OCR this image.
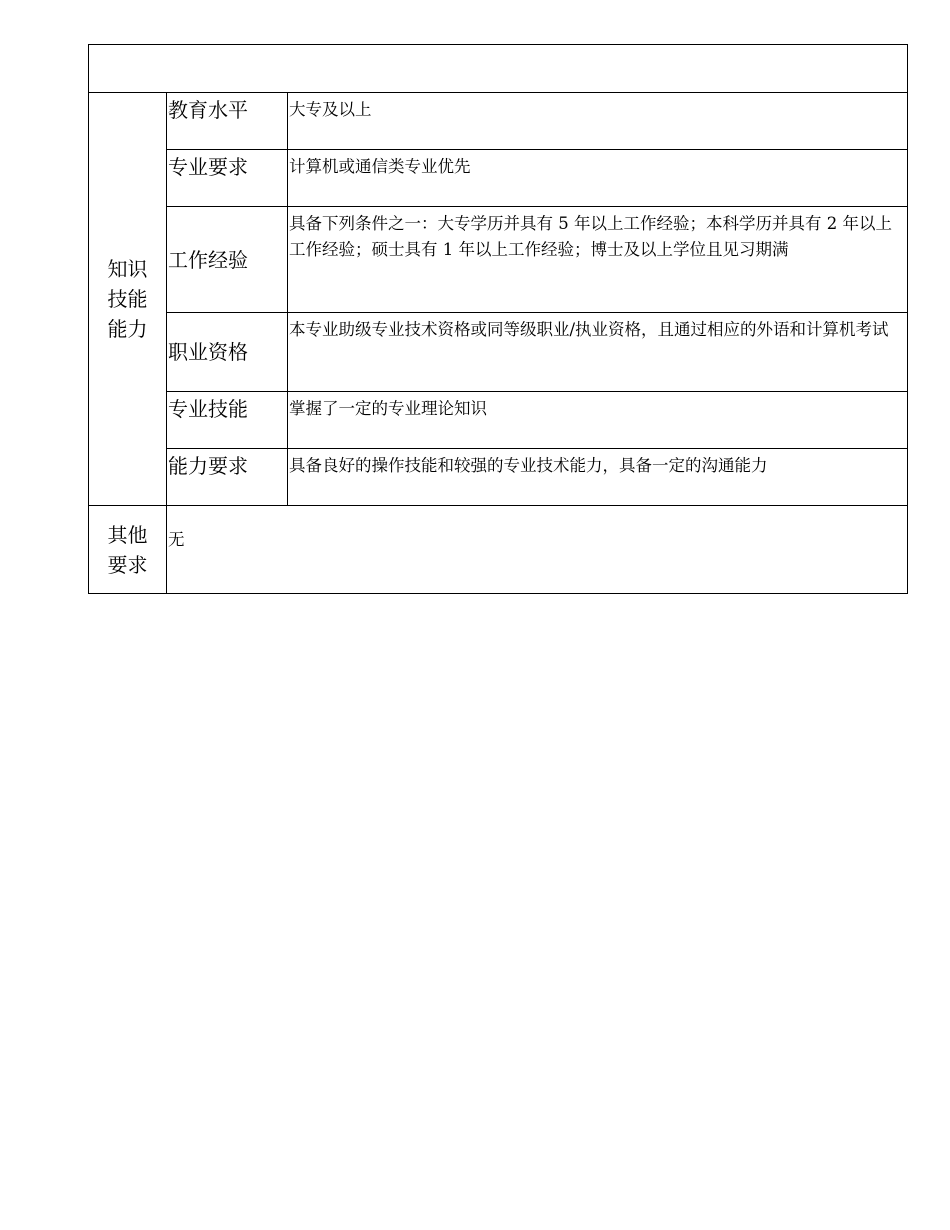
知识
技能
能力	教育水平	大专及以上
	专业要求	计算机或通信类专业优先
	工作经验	具备下列条件之一：大专学历并具有 5 年以上工作经验；本科学历并具有 2 年以上工作经验；硕士具有 1 年以上工作经验；博士及以上学位且见习期满
	职业资格	本专业助级专业技术资格或同等级职业/执业资格，且通过相应的外语和计算机考试
	专业技能	掌握了一定的专业理论知识
	能力要求	具备良好的操作技能和较强的专业技术能力，具备一定的沟通能力

其他
要求	无	
